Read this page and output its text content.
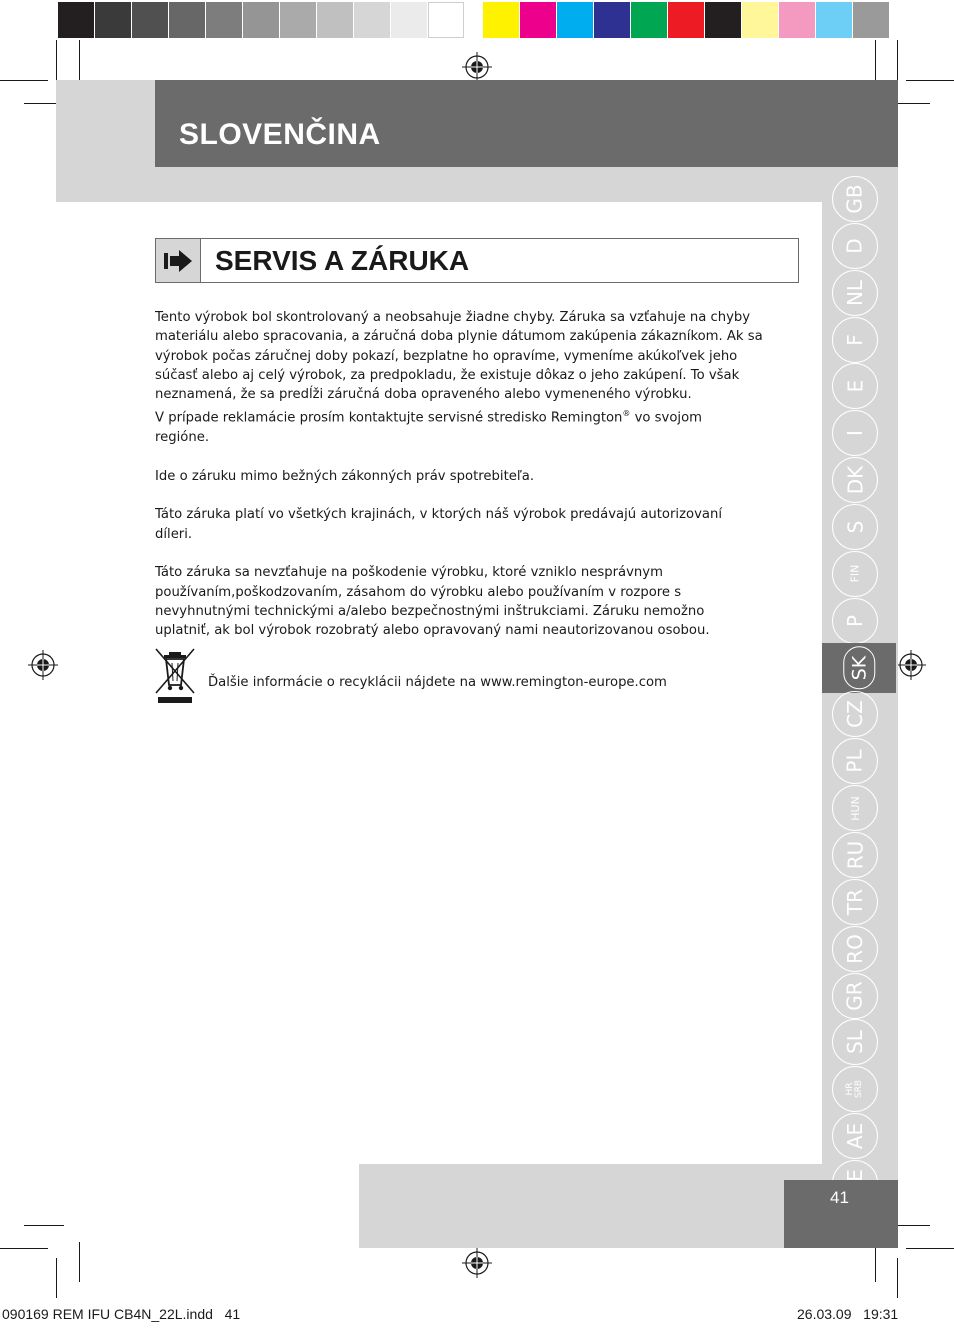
SLOVENČINA
GB
D
NL
F
E
I
DK
S
FIN
P
SK
CZ
PL
HUN
RU
TR
RO
GR
SL
HR
SRB
AE
SERVIS A ZÁRUKA

Tento výrobok bol skontrolovaný a neobsahuje žiadne chyby. Záruka sa vzťahuje na chyby

materiálu alebo spracovania, a záručná doba plynie dátumom zakúpenia zákazníkom. Ak sa

výrobok počas záručnej doby pokazí, bezplatne ho opravíme, vymeníme akúkoľvek jeho

súčasť alebo aj celý výrobok, za predpokladu, že existuje dôkaz o jeho zakúpení. To však

neznamená, že sa predĺži záručná doba opraveného alebo vymeneného výrobku.

V prípade reklamácie prosím kontaktujte servisné stredisko Remington® vo svojom

regióne.

Ide o záruku mimo bežných zákonných práv spotrebiteľa.

Táto záruka platí vo všetkých krajinách, v ktorých náš výrobok predávajú autorizovaní

díleri.

Táto záruka sa nevzťahuje na poškodenie výrobku, ktoré vzniklo nesprávnym

používaním,poškodzovaním, zásahom do výrobku alebo používaním v rozpore s

nevyhnutnými technickými a/alebo bezpečnostnými inštrukciami. Záruku nemožno

uplatniť, ak bol výrobok rozobratý alebo opravovaný nami neautorizovanou osobou.

Ďalšie informácie o recyklácii nájdete na www.remington-europe.com
41
090169 REM IFU CB4N_22L.indd   41	26.03.09   19:31
